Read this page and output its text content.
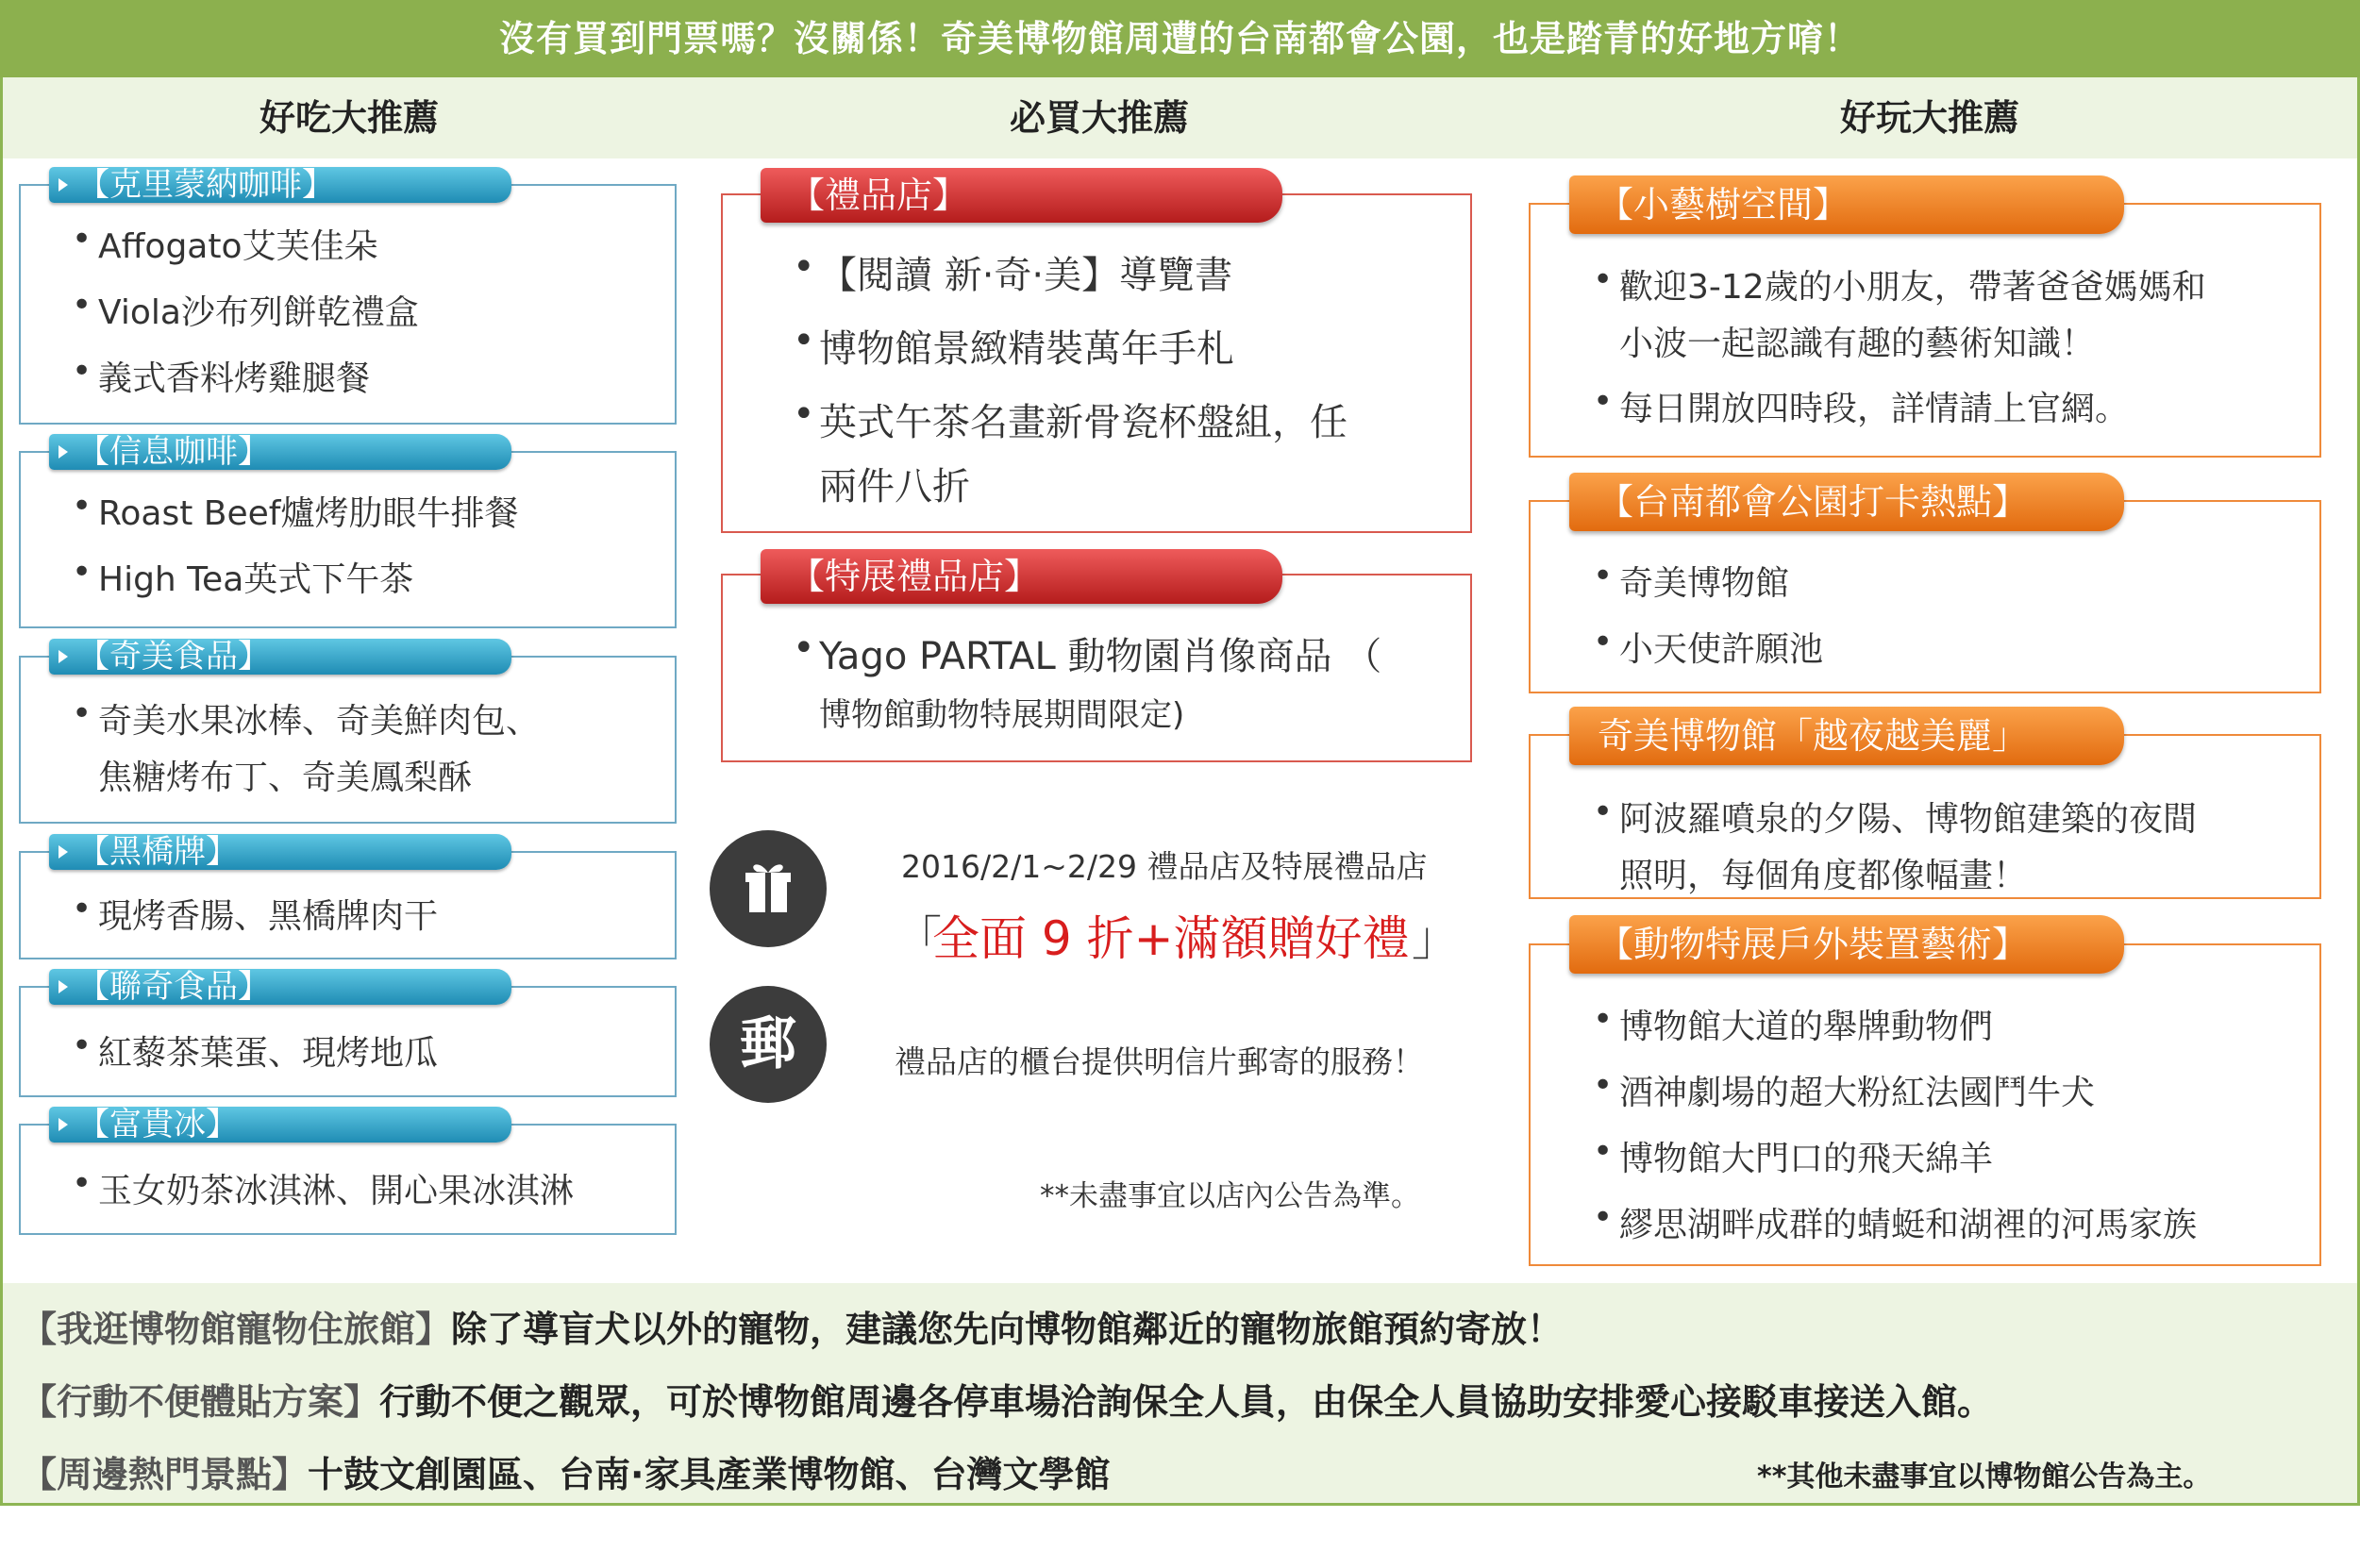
沒有買到門票嗎？沒關係！奇美博物館周遭的台南都會公園，也是踏青的好地方唷！
好吃大推薦	必買大推薦	好玩大推薦
【克里蒙納咖啡】
• Affogato艾芙佳朵
• Viola沙布列餅乾禮盒
• 義式香料烤雞腿餐
【信息咖啡】
• Roast Beef爐烤肋眼牛排餐
• High Tea英式下午茶
【奇美食品】
• 奇美水果冰棒、奇美鮮肉包、
焦糖烤布丁、奇美鳳梨酥
【黑橋牌】
• 現烤香腸、黑橋牌肉干
【聯奇食品】
• 紅藜茶葉蛋、現烤地瓜
【富貴冰】
• 玉女奶茶冰淇淋、開心果冰淇淋
【禮品店】
• 【閱讀 新·奇·美】導覽書
• 博物館景緻精裝萬年手札
• 英式午茶名畫新骨瓷杯盤組，任
兩件八折
【特展禮品店】
• Yago PARTAL 動物園肖像商品 （
博物館動物特展期間限定)
2016/2/1~2/29 禮品店及特展禮品店
「
全面 9 折+滿額贈好禮 」
郵	禮品店的櫃台提供明信片郵寄的服務！
**未盡事宜以店內公告為準。
【小藝樹空間】
• 歡迎3-12歲的小朋友，帶著爸爸媽媽和
小波一起認識有趣的藝術知識！
• 每日開放四時段，詳情請上官網。
【台南都會公園打卡熱點】
• 奇美博物館
• 小天使許願池
奇美博物館「越夜越美麗」
• 阿波羅噴泉的夕陽、博物館建築的夜間
照明，每個角度都像幅畫！
【動物特展戶外裝置藝術】
• 博物館大道的舉牌動物們
• 酒神劇場的超大粉紅法國鬥牛犬
• 博物館大門口的飛天綿羊
• 繆思湖畔成群的蜻蜓和湖裡的河馬家族
【我逛博物館寵物住旅館】除了導盲犬以外的寵物，建議您先向博物館鄰近的寵物旅館預約寄放！
【行動不便體貼方案】行動不便之觀眾，可於博物館周邊各停車場洽詢保全人員，由保全人員協助安排愛心接駁車接送入館。
【周邊熱門景點】十鼓文創園區、台南·家具產業博物館、台灣文學館	**其他未盡事宜以博物館公告為主。
